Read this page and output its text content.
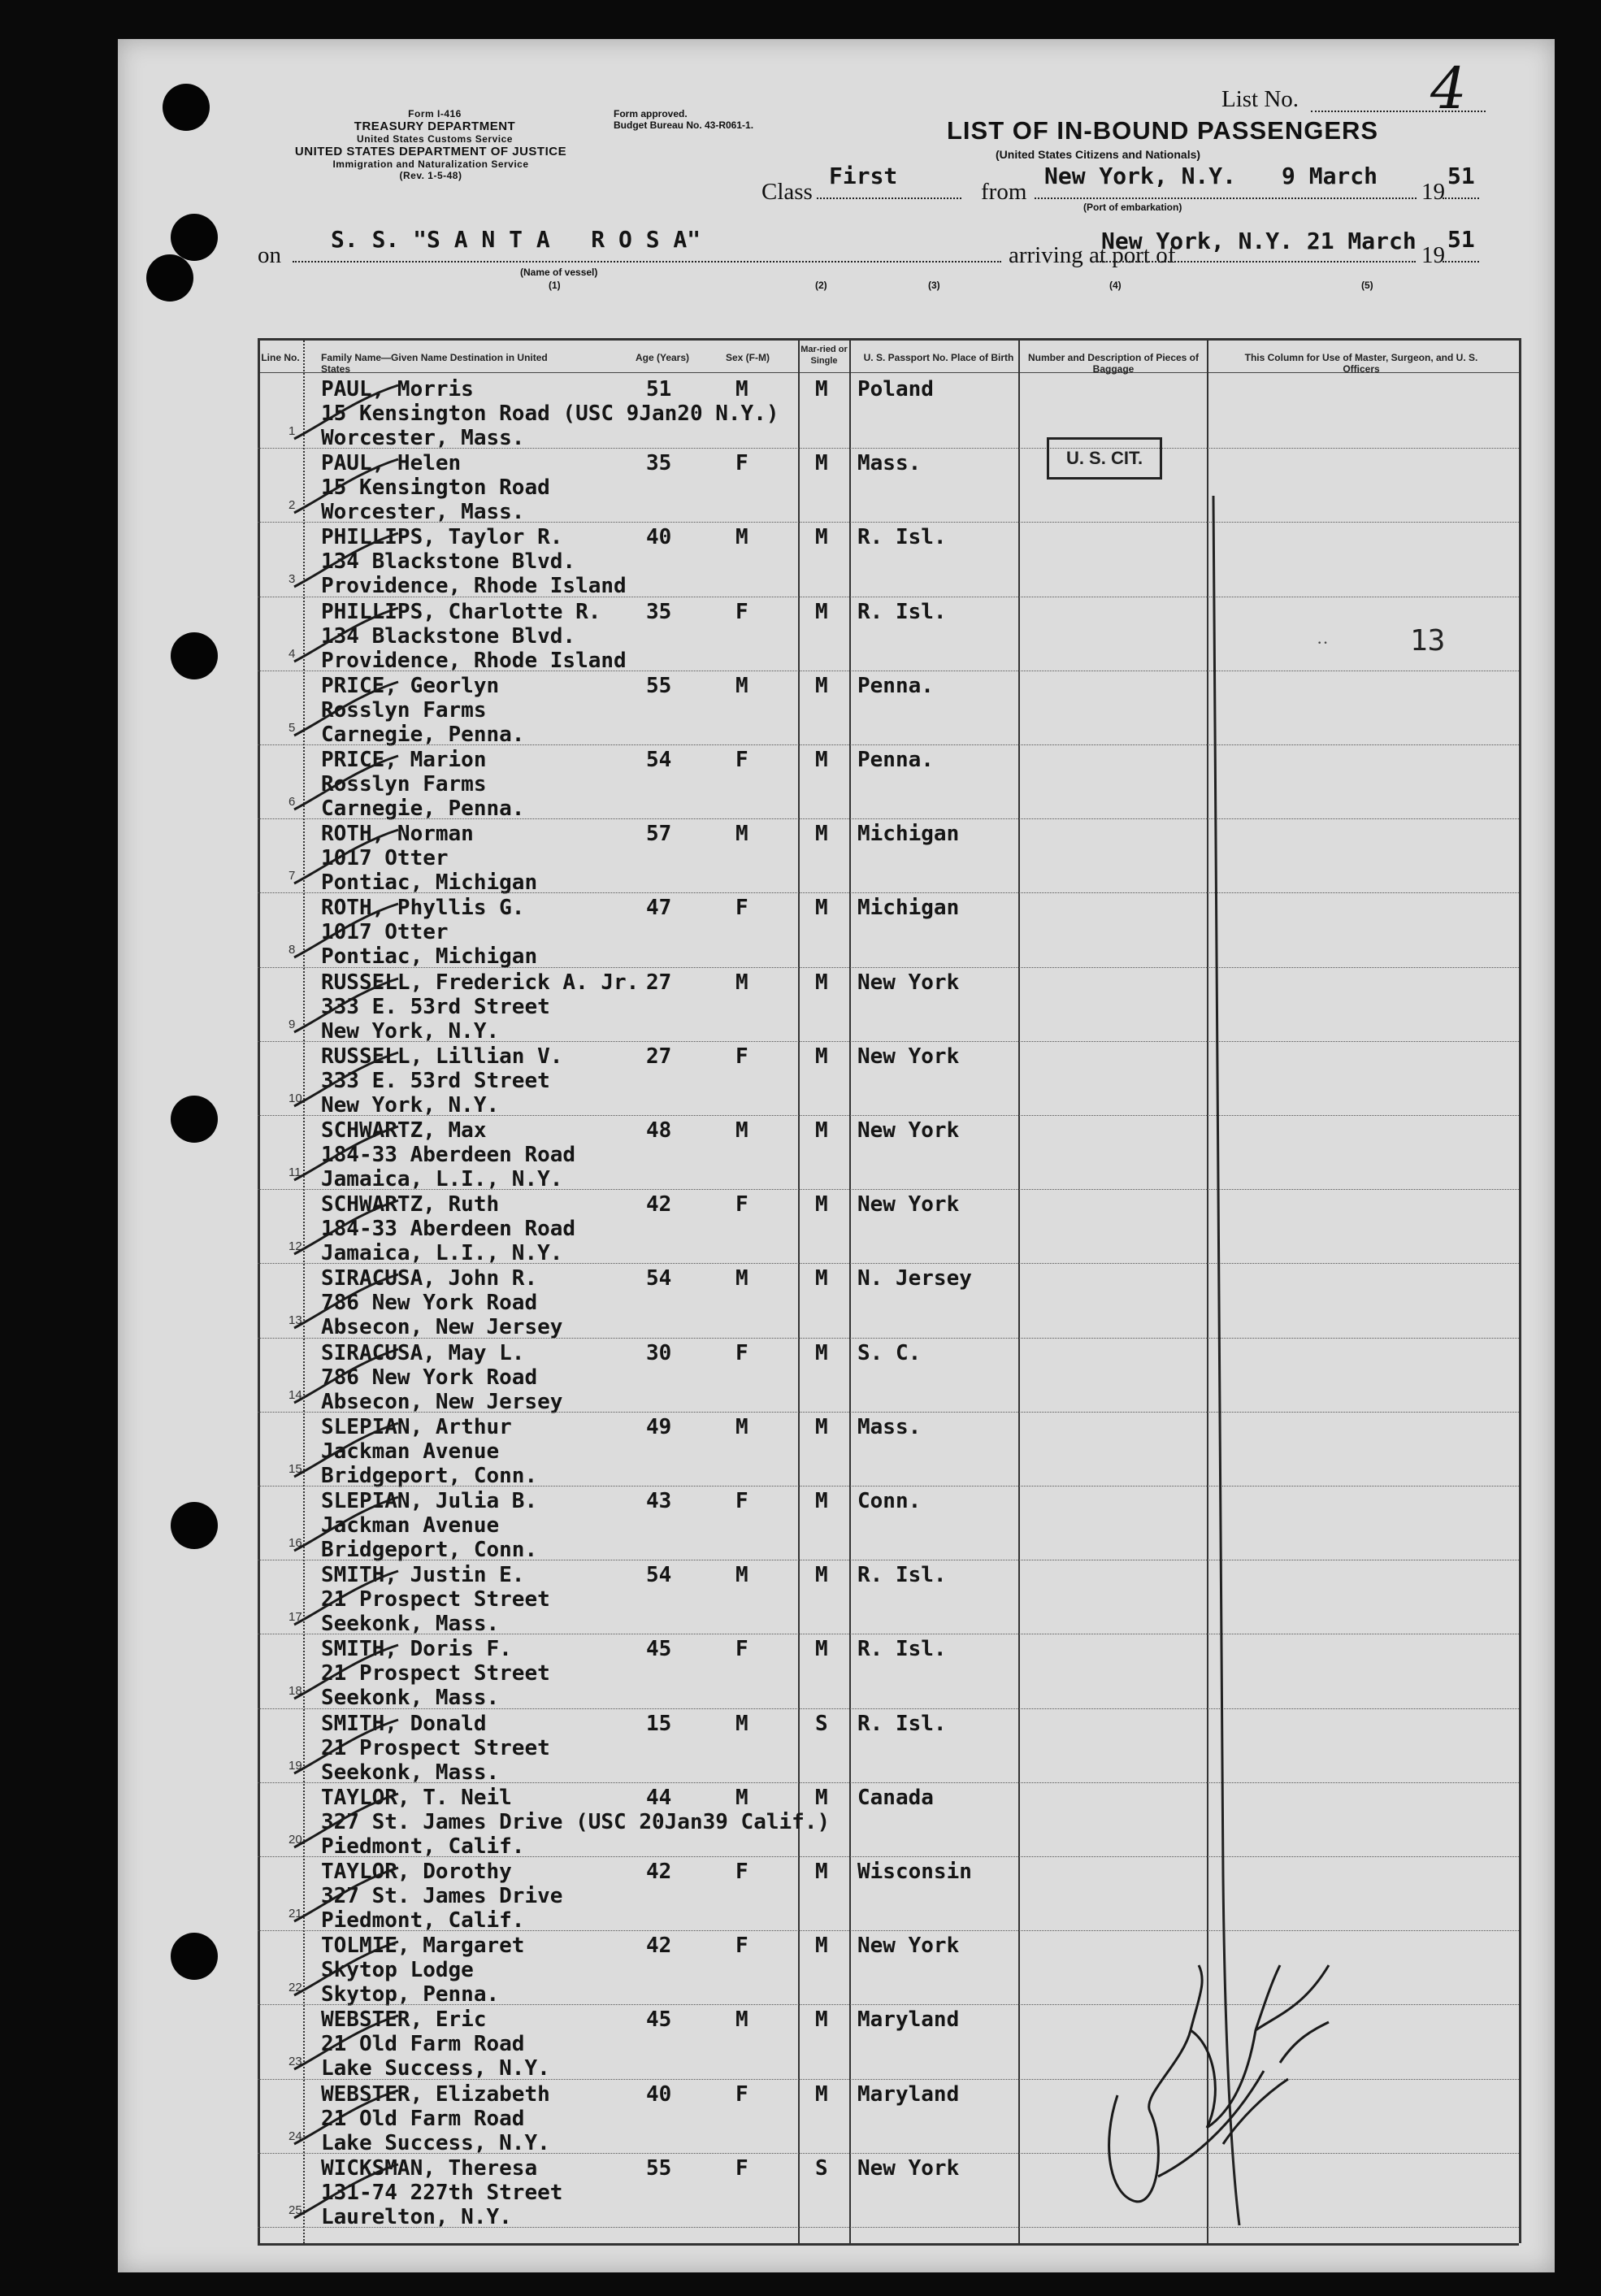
Form I-416
TREASURY DEPARTMENT
United States Customs Service
Form approved.
Budget Bureau No. 43-R061-1.
UNITED STATES DEPARTMENT OF JUSTICE
Immigration and Naturalization Service
(Rev. 1-5-48)
List No. 4
LIST OF IN-BOUND PASSENGERS
(United States Citizens and Nationals)
Class
First
from
New York, N.Y. 9 March
19
51
(Port of embarkation)
on
S. S. "S A N T A   R O S A"
arriving at port of
New York, N.Y. 21 March
19
51
(Name of vessel)
(1)	(2)	(3)	(4)	(5)
Line No. Family Name—Given Name Destination in United States
Age (Years)	Sex (F-M)
Mar-ried or Single	U. S. Passport No. Place of Birth	Number and Description of Pieces of Baggage
This Column for Use of Master, Surgeon, and U. S. Officers
PAUL, Morris
15 Kensington Road (USC 9Jan20 N.Y.)
Worcester, Mass.
51	M	M Poland
1
PAUL, Helen
15 Kensington Road
Worcester, Mass.
35	F	M Mass.
2
PHILLIPS, Taylor R.
134 Blackstone Blvd.
Providence, Rhode Island
40	M	M R. Isl.
3
PHILLIPS, Charlotte R.
134 Blackstone Blvd.
Providence, Rhode Island
35	F	M R. Isl.
4
PRICE, Georlyn
Rosslyn Farms
Carnegie, Penna.
55	M	M Penna.
5
PRICE, Marion
Rosslyn Farms
Carnegie, Penna.
54	F	M Penna.
6
ROTH, Norman
1017 Otter
Pontiac, Michigan
57	M	M Michigan
7
ROTH, Phyllis G.
1017 Otter
Pontiac, Michigan
47	F	M Michigan
8
RUSSELL, Frederick A. Jr.
333 E. 53rd Street
New York, N.Y.
27	M	M New York
9
RUSSELL, Lillian V.
333 E. 53rd Street
New York, N.Y.
27	F	M New York
10
SCHWARTZ, Max
184-33 Aberdeen Road
Jamaica, L.I., N.Y.
48	M	M New York
11
SCHWARTZ, Ruth
184-33 Aberdeen Road
Jamaica, L.I., N.Y.
42	F	M New York
12
SIRACUSA, John R.
786 New York Road
Absecon, New Jersey
54	M	M N. Jersey
13
SIRACUSA, May L.
786 New York Road
Absecon, New Jersey
30	F	M S. C.
14
SLEPIAN, Arthur
Jackman Avenue
Bridgeport, Conn.
49	M	M Mass.
15
SLEPIAN, Julia B.
Jackman Avenue
Bridgeport, Conn.
43	F	M Conn.
16
SMITH, Justin E.
21 Prospect Street
Seekonk, Mass.
54	M	M R. Isl.
17
SMITH, Doris F.
21 Prospect Street
Seekonk, Mass.
45	F	M R. Isl.
18
SMITH, Donald
21 Prospect Street
Seekonk, Mass.
15	M	S R. Isl.
19
TAYLOR, T. Neil
327 St. James Drive (USC 20Jan39 Calif.)
Piedmont, Calif.
44	M	M Canada
20
TAYLOR, Dorothy
327 St. James Drive
Piedmont, Calif.
42	F	M Wisconsin
21
TOLMIE, Margaret
Skytop Lodge
Skytop, Penna.
42	F	M New York
22
WEBSTER, Eric
21 Old Farm Road
Lake Success, N.Y.
45	M	M Maryland
23
WEBSTER, Elizabeth
21 Old Farm Road
Lake Success, N.Y.
40	F	M Maryland
24
WICKSMAN, Theresa
131-74 227th Street
Laurelton, N.Y.
55	F	S New York
25
U. S. CIT.
13
··
